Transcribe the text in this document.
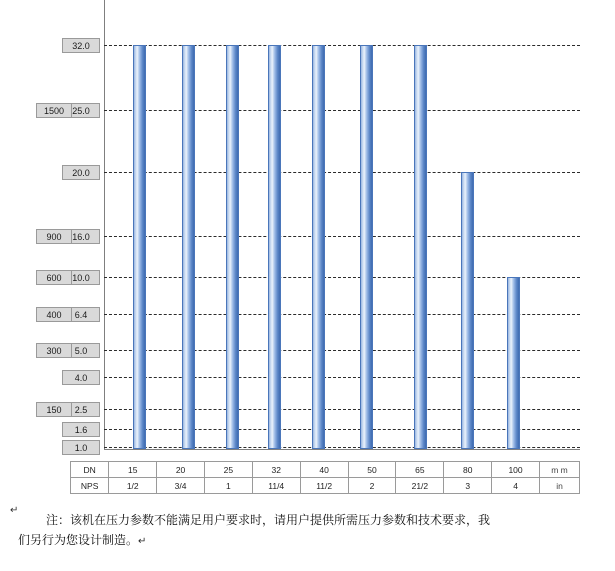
32.0
25.0
20.0
16.0
10.0
6.4
5.0
4.0
2.5
1.6
1.0
1500
900
600
400
300
150
DN	15	20	25	32	40	50	65	80	100	m m
NPS	1/2	3/4	1	11/4	11/2	2	21/2	3	4	in
↵
注：该机在压力参数不能满足用户要求时，请用户提供所需压力参数和技术要求，我
们另行为您设计制造。↵
